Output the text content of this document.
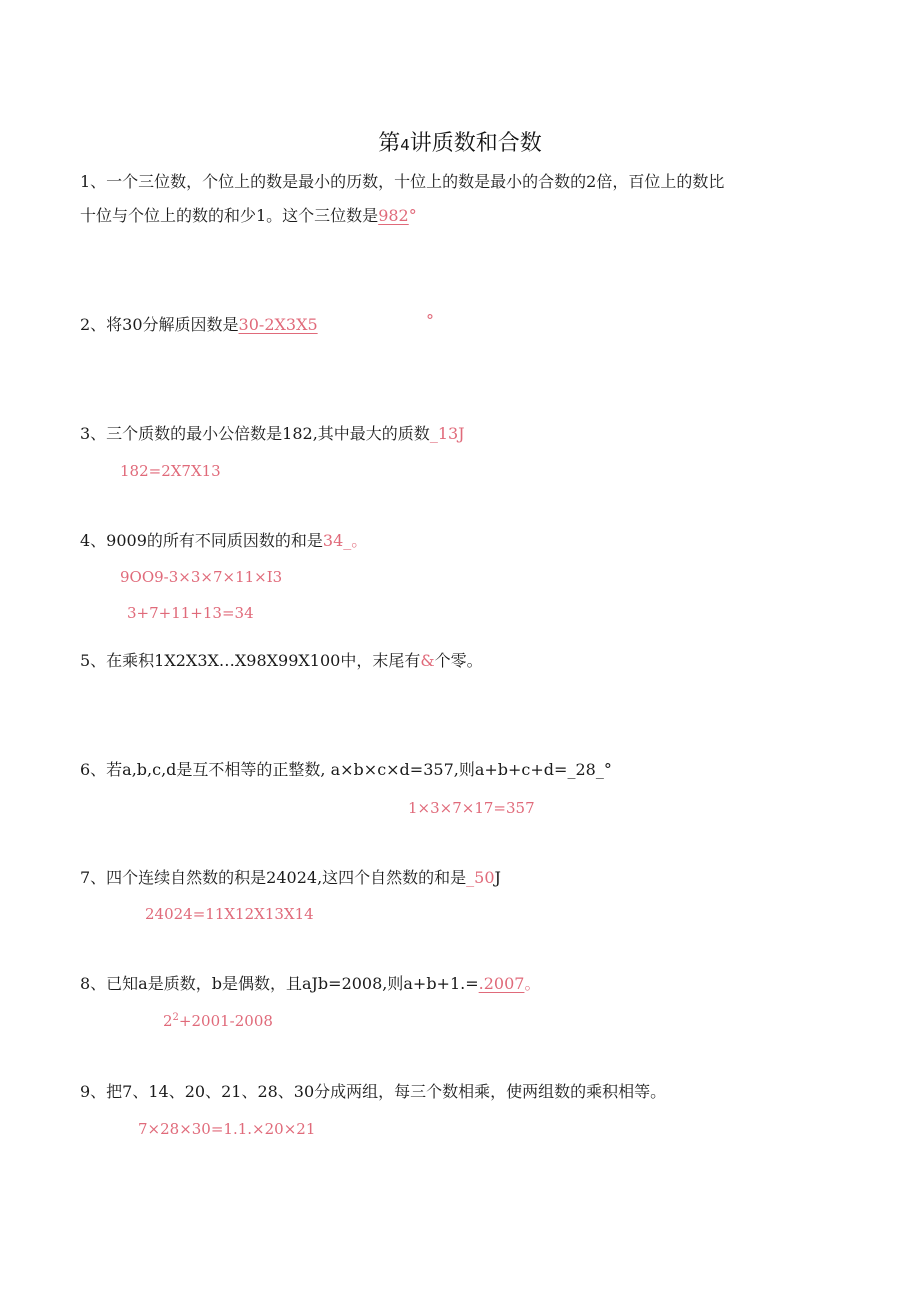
第4讲质数和合数
1、一个三位数，个位上的数是最小的历数，十位上的数是最小的合数的2倍，百位上的数比
十位与个位上的数的和少1。这个三位数是982°
2、将30分解质因数是30-2X3X5	°
3、三个质数的最小公倍数是182,其中最大的质数_13J
182=2X7X13
4、9009的所有不同质因数的和是34_。
9OO9-3×3×7×11×I3
3+7+11+13=34
5、在乘积1X2X3X…X98X99X100中，末尾有&个零。
6、若a,b,c,d是互不相等的正整数, a×b×c×d=357,则a+b+c+d=_28_°
1×3×7×17=357
7、四个连续自然数的积是24024,这四个自然数的和是_50J
24024=11X12X13X14
8、已知a是质数，b是偶数，且aJb=2008,则a+b+1.=.2007。
$2^2+2001-2008$
9、把7、14、20、21、28、30分成两组，每三个数相乘，使两组数的乘积相等。
7×28×30=1.1.×20×21
